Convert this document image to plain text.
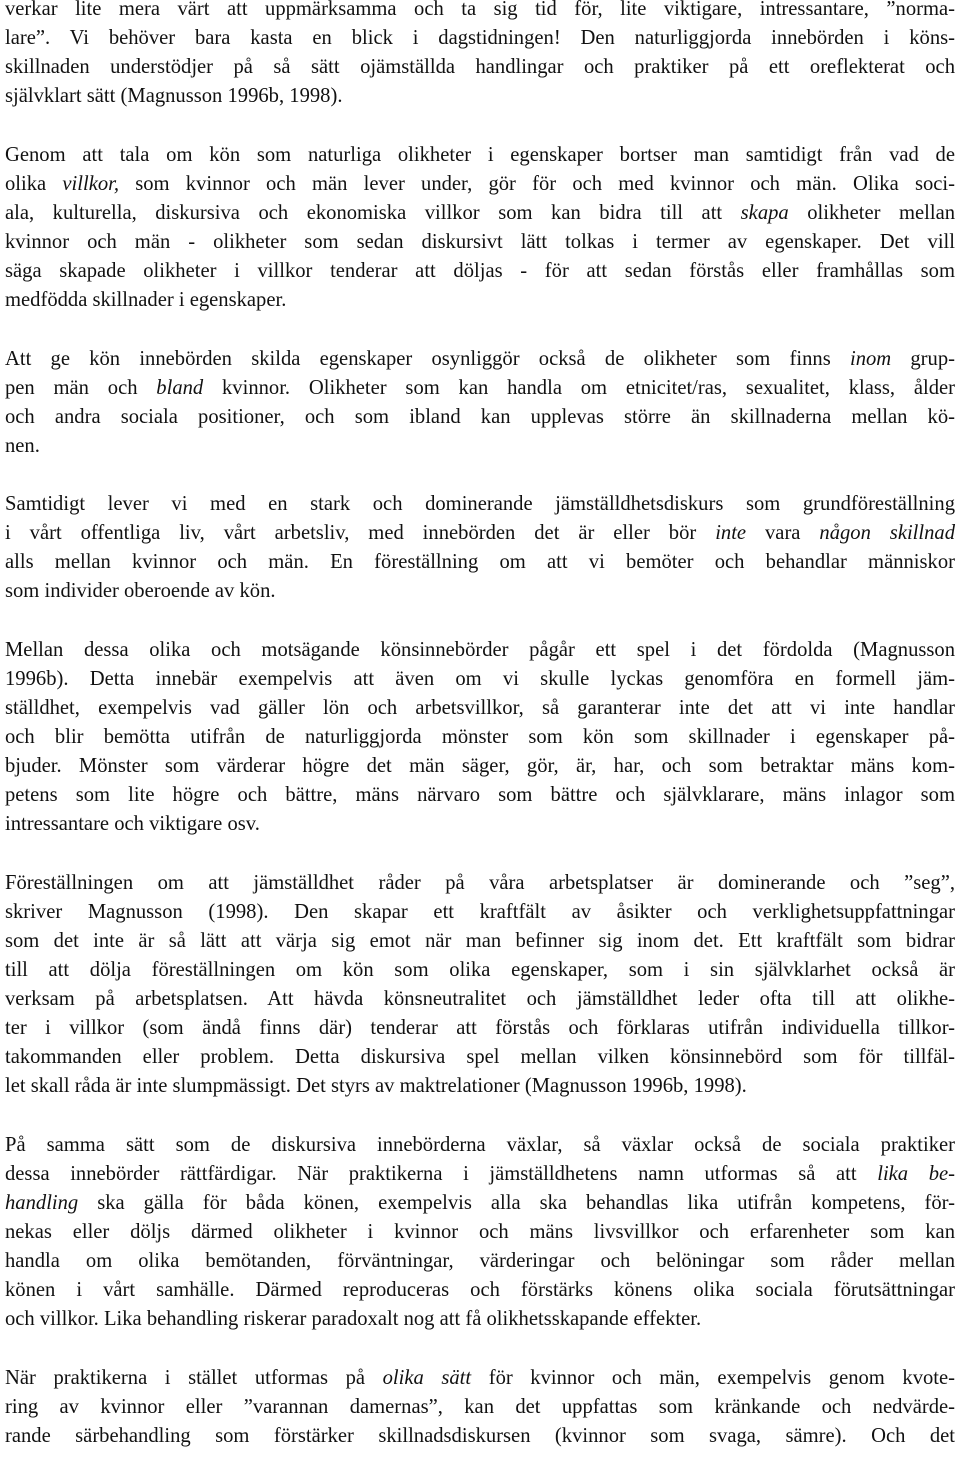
verkar lite mera värt att uppmärksamma och ta sig tid för, lite viktigare, intressantare, ”norma-
lare”. Vi behöver bara kasta en blick i dagstidningen! Den naturliggjorda innebörden i köns-
skillnaden understödjer på så sätt ojämställda handlingar och praktiker på ett oreflekterat och
självklart sätt (Magnusson 1996b, 1998).
Genom att tala om kön som naturliga olikheter i egenskaper bortser man samtidigt från vad de
olika villkor, som kvinnor och män lever under, gör för och med kvinnor och män. Olika soci-
ala, kulturella, diskursiva och ekonomiska villkor som kan bidra till att skapa olikheter mellan
kvinnor och män - olikheter som sedan diskursivt lätt tolkas i termer av egenskaper. Det vill
säga skapade olikheter i villkor tenderar att döljas - för att sedan förstås eller framhållas som
medfödda skillnader i egenskaper.
Att ge kön innebörden skilda egenskaper osynliggör också de olikheter som finns inom grup-
pen män och bland kvinnor. Olikheter som kan handla om etnicitet/ras, sexualitet, klass, ålder
och andra sociala positioner, och som ibland kan upplevas större än skillnaderna mellan kö-
nen.
Samtidigt lever vi med en stark och dominerande jämställdhetsdiskurs som grundföreställning
i vårt offentliga liv, vårt arbetsliv, med innebörden det är eller bör inte vara någon skillnad
alls mellan kvinnor och män. En föreställning om att vi bemöter och behandlar människor
som individer oberoende av kön.
Mellan dessa olika och motsägande könsinnebörder pågår ett spel i det fördolda (Magnusson
1996b). Detta innebär exempelvis att även om vi skulle lyckas genomföra en formell jäm-
ställdhet, exempelvis vad gäller lön och arbetsvillkor, så garanterar inte det att vi inte handlar
och blir bemötta utifrån de naturliggjorda mönster som kön som skillnader i egenskaper på-
bjuder. Mönster som värderar högre det män säger, gör, är, har, och som betraktar mäns kom-
petens som lite högre och bättre, mäns närvaro som bättre och självklarare, mäns inlagor som
intressantare och viktigare osv.
Föreställningen om att jämställdhet råder på våra arbetsplatser är dominerande och ”seg”,
skriver Magnusson (1998). Den skapar ett kraftfält av åsikter och verklighetsuppfattningar
som det inte är så lätt att värja sig emot när man befinner sig inom det. Ett kraftfält som bidrar
till att dölja föreställningen om kön som olika egenskaper, som i sin självklarhet också är
verksam på arbetsplatsen. Att hävda könsneutralitet och jämställdhet leder ofta till att olikhe-
ter i villkor (som ändå finns där) tenderar att förstås och förklaras utifrån individuella tillkor-
takommanden eller problem. Detta diskursiva spel mellan vilken könsinnebörd som för tillfäl-
let skall råda är inte slumpmässigt. Det styrs av maktrelationer (Magnusson 1996b, 1998).
På samma sätt som de diskursiva innebörderna växlar, så växlar också de sociala praktiker
dessa innebörder rättfärdigar. När praktikerna i jämställdhetens namn utformas så att lika be-
handling ska gälla för båda könen, exempelvis alla ska behandlas lika utifrån kompetens, för-
nekas eller döljs därmed olikheter i kvinnor och mäns livsvillkor och erfarenheter som kan
handla om olika bemötanden, förväntningar, värderingar och belöningar som råder mellan
könen i vårt samhälle. Därmed reproduceras och förstärks könens olika sociala förutsättningar
och villkor. Lika behandling riskerar paradoxalt nog att få olikhetsskapande effekter.
När praktikerna i stället utformas på olika sätt för kvinnor och män, exempelvis genom kvote-
ring av kvinnor eller ”varannan damernas”, kan det uppfattas som kränkande och nedvärde-
rande särbehandling som förstärker skillnadsdiskursen (kvinnor som svaga, sämre). Och det
